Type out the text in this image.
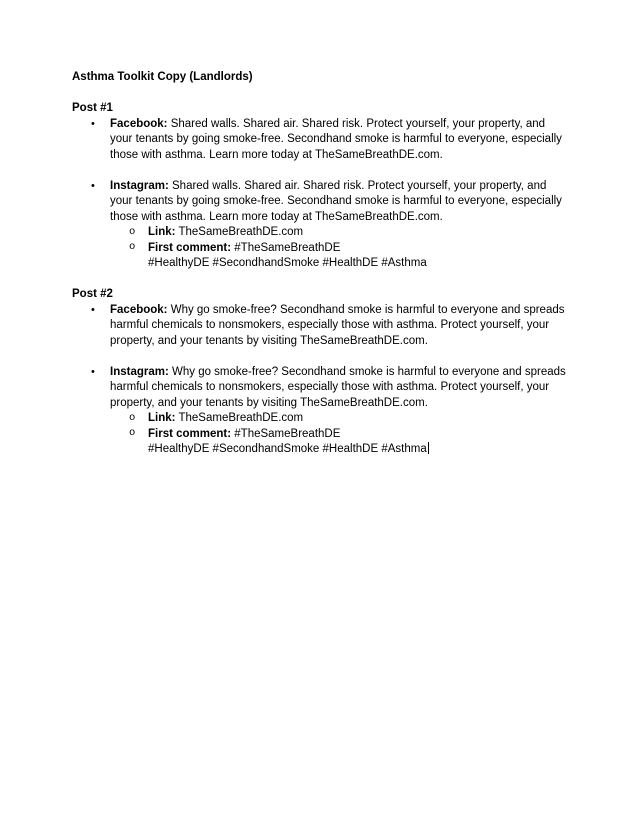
Asthma Toolkit Copy (Landlords)
Post #1
• Facebook: Shared walls. Shared air. Shared risk. Protect yourself, your property, and
your tenants by going smoke-free. Secondhand smoke is harmful to everyone, especially
those with asthma. Learn more today at TheSameBreathDE.com.
• Instagram: Shared walls. Shared air. Shared risk. Protect yourself, your property, and
your tenants by going smoke-free. Secondhand smoke is harmful to everyone, especially
those with asthma. Learn more today at TheSameBreathDE.com.
o Link: TheSameBreathDE.com
o First comment: #TheSameBreathDE
#HealthyDE #SecondhandSmoke #HealthDE #Asthma
Post #2
• Facebook: Why go smoke-free? Secondhand smoke is harmful to everyone and spreads
harmful chemicals to nonsmokers, especially those with asthma. Protect yourself, your
property, and your tenants by visiting TheSameBreathDE.com.
• Instagram: Why go smoke-free? Secondhand smoke is harmful to everyone and spreads
harmful chemicals to nonsmokers, especially those with asthma. Protect yourself, your
property, and your tenants by visiting TheSameBreathDE.com.
o Link: TheSameBreathDE.com
o First comment: #TheSameBreathDE
#HealthyDE #SecondhandSmoke #HealthDE #Asthma
